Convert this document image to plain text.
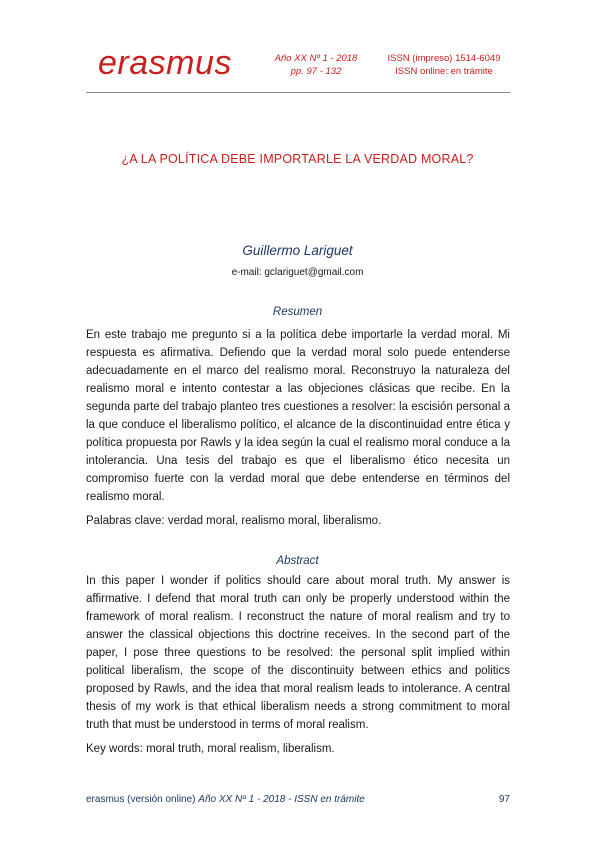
erasmus	Año XX Nº 1 - 2018
pp. 97 - 132
ISSN (impreso) 1514-6049
ISSN online: en trámite
¿A LA POLÍTICA DEBE IMPORTARLE LA VERDAD MORAL?
Guillermo Lariguet
e-mail: gclariguet@gmail.com
Resumen

En este trabajo me pregunto si a la política debe importarle la verdad moral. Mi respuesta es afirmativa. Defiendo que la verdad moral solo puede entenderse adecuadamente en el marco del realismo moral. Reconstruyo la naturaleza del realismo moral e intento contestar a las objeciones clásicas que recibe. En la segunda parte del trabajo planteo tres cuestiones a resolver: la escisión personal a la que conduce el liberalismo político, el alcance de la discontinuidad entre ética y política propuesta por Rawls y la idea según la cual el realismo moral conduce a la intolerancia. Una tesis del trabajo es que el liberalismo ético necesita un compromiso fuerte con la verdad moral que debe entenderse en términos del realismo moral.

Palabras clave: verdad moral, realismo moral, liberalismo.

Abstract

In this paper I wonder if politics should care about moral truth. My answer is affirmative. I defend that moral truth can only be properly understood within the framework of moral realism. I reconstruct the nature of moral realism and try to answer the classical objections this doctrine receives. In the second part of the paper, I pose three questions to be resolved: the personal split implied within political liberalism, the scope of the discontinuity between ethics and politics proposed by Rawls, and the idea that moral realism leads to intolerance. A central thesis of my work is that ethical liberalism needs a strong commitment to moral truth that must be understood in terms of moral realism.

Key words: moral truth, moral realism, liberalism.

erasmus (versión online) Año XX Nº 1 - 2018 - ISSN en trámite	97
